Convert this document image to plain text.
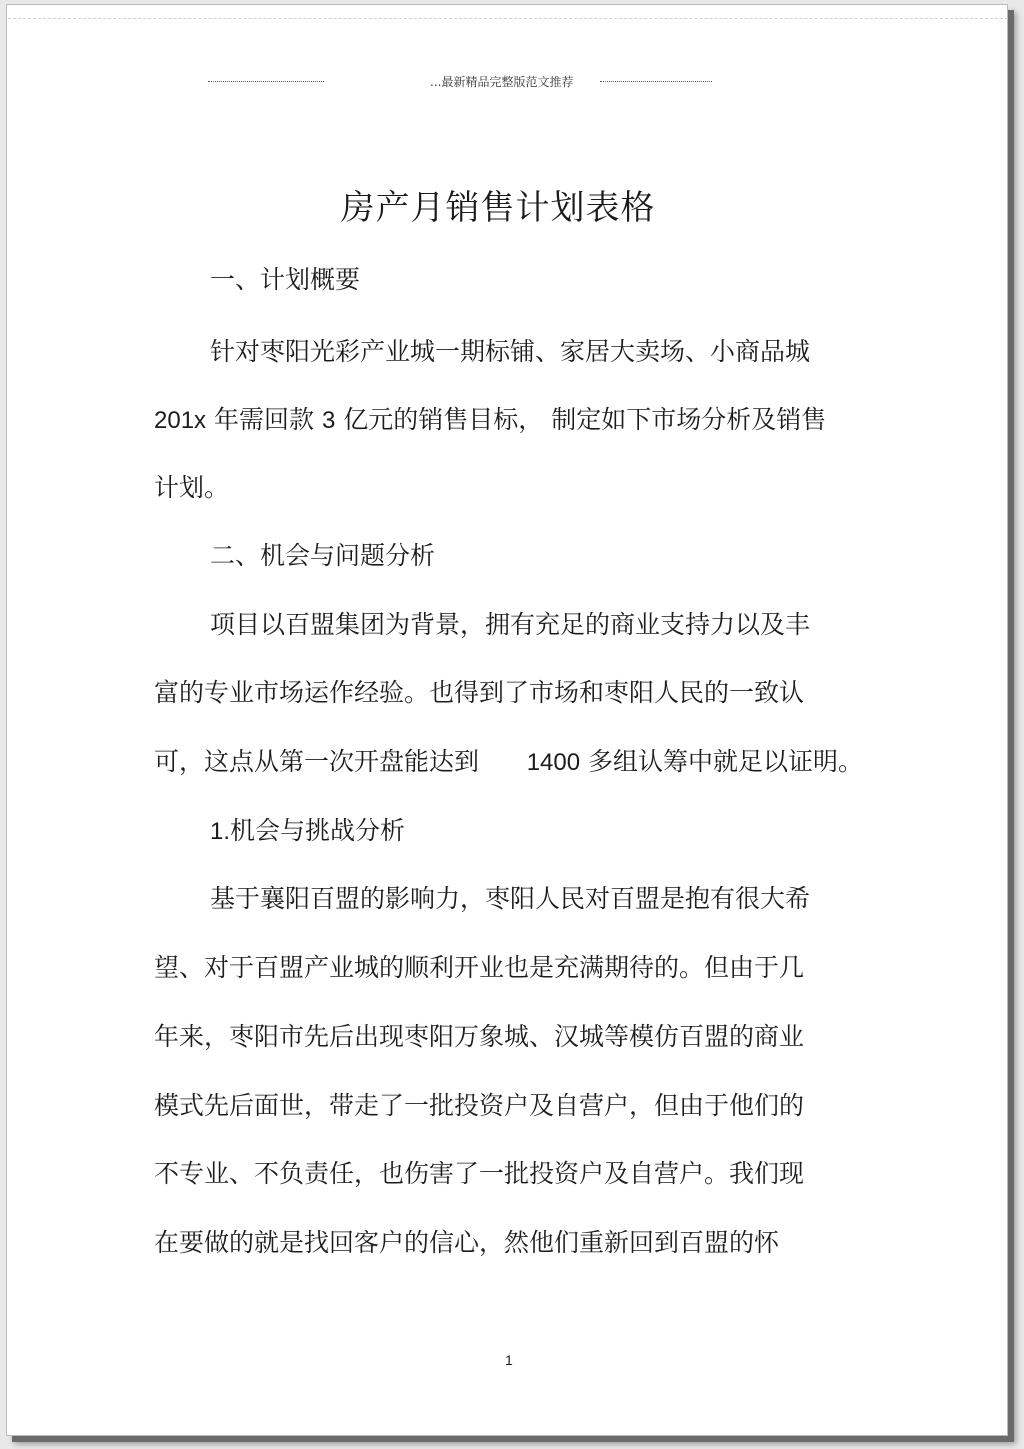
...最新精品完整版范文推荐
房产月销售计划表格
一、计划概要
针对枣阳光彩产业城一期标铺、家居大卖场、小商品城
201x 年需回款 3 亿元的销售目标， 制定如下市场分析及销售
计划。
二、机会与问题分析
项目以百盟集团为背景，拥有充足的商业支持力以及丰
富的专业市场运作经验。也得到了市场和枣阳人民的一致认
可，这点从第一次开盘能达到      1400 多组认筹中就足以证明。
1.机会与挑战分析
基于襄阳百盟的影响力，枣阳人民对百盟是抱有很大希
望、对于百盟产业城的顺利开业也是充满期待的。但由于几
年来，枣阳市先后出现枣阳万象城、汉城等模仿百盟的商业
模式先后面世，带走了一批投资户及自营户，但由于他们的
不专业、不负责任，也伤害了一批投资户及自营户。我们现
在要做的就是找回客户的信心，然他们重新回到百盟的怀
1
